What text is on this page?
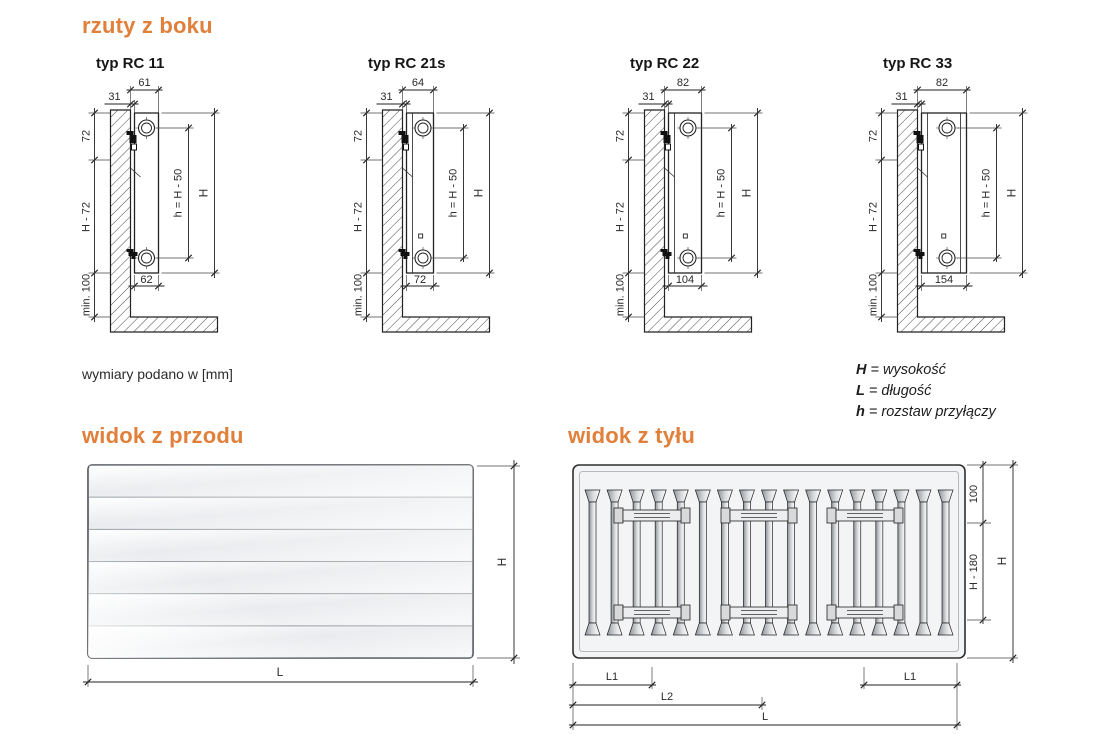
rzuty z boku
typ RC 11
61
31
72
H - 72
min. 100
h = H - 50 H
62
typ RC 21s
64
31
72
H - 72
min. 100
h = H - 50 H
72
typ RC 22
82
31
72
H - 72
min. 100
h = H - 50 H
104
typ RC 33
82
31
72
H - 72
min. 100
h = H - 50 H
154
wymiary podano w [mm]	H = wysokość
L = długość
h = rozstaw przyłączy
widok z przodu
H
L
widok z tyłu
100
H - 180 H
L1	L1
L2
L
